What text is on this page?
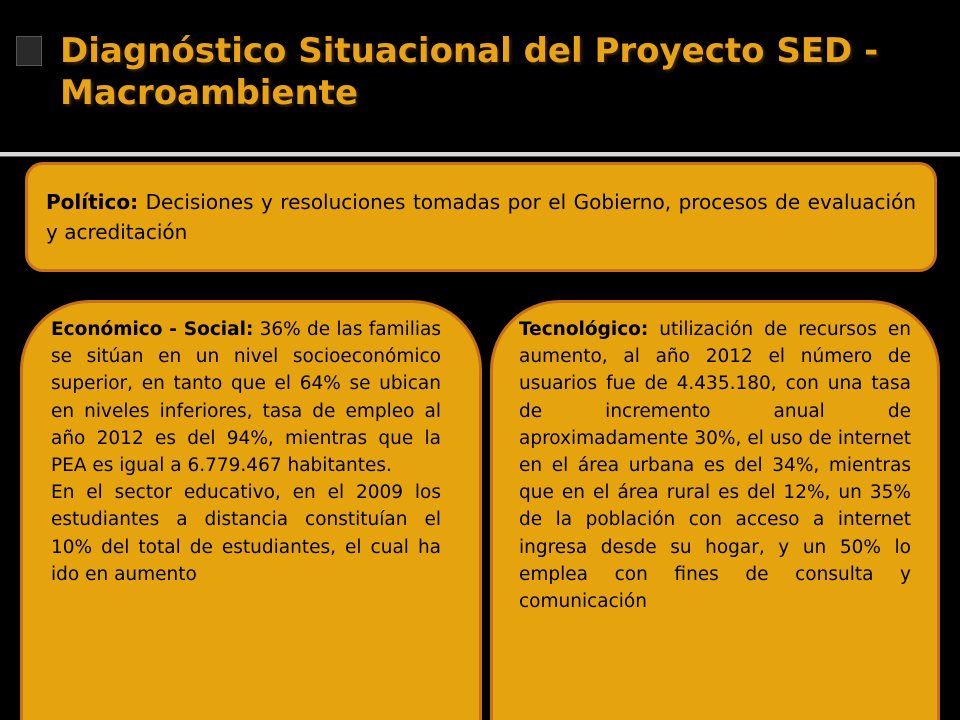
Diagnóstico Situacional del Proyecto SED - Macroambiente

Político: Decisiones y resoluciones tomadas por el Gobierno, procesos de evaluación y acreditación

Económico - Social: 36% de las familias se sitúan en un nivel socioeconómico superior, en tanto que el 64% se ubican en niveles inferiores, tasa de empleo al año 2012 es del 94%, mientras que la PEA es igual a 6.779.467 habitantes.

En el sector educativo, en el 2009 los estudiantes a distancia constituían el 10% del total de estudiantes, el cual ha ido en aumento

Tecnológico: utilización de recursos en aumento, al año 2012 el número de usuarios fue de 4.435.180, con una tasa de incremento anual de aproximadamente 30%, el uso de internet en el área urbana es del 34%, mientras que en el área rural es del 12%, un 35% de la población con acceso a internet ingresa desde su hogar, y un 50% lo emplea con fines de consulta y comunicación
